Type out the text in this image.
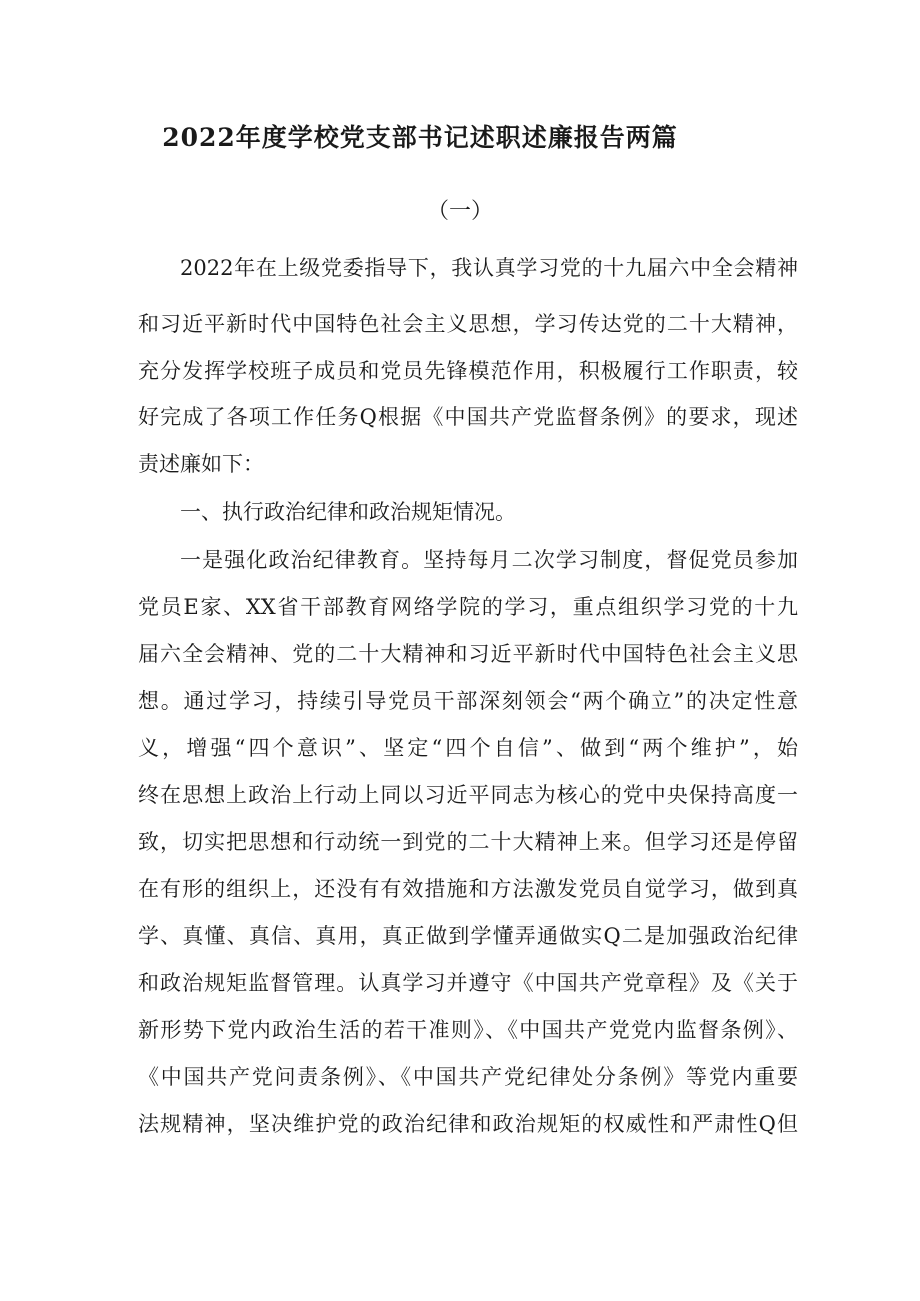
2022年度学校党支部书记述职述廉报告两篇
（一）

2022年在上级党委指导下，我认真学习党的十九届六中全会精神

和习近平新时代中国特色社会主义思想，学习传达党的二十大精神，

充分发挥学校班子成员和党员先锋模范作用，积极履行工作职责，较

好完成了各项工作任务Q根据《中国共产党监督条例》的要求，现述

责述廉如下：

一、执行政治纪律和政治规矩情况。

一是强化政治纪律教育。坚持每月二次学习制度，督促党员参加

党员E家、XX省干部教育网络学院的学习，重点组织学习党的十九

届六全会精神、党的二十大精神和习近平新时代中国特色社会主义思

想。通过学习，持续引导党员干部深刻领会“两个确立”的决定性意

义，增强“四个意识”、坚定“四个自信”、做到“两个维护”，始

终在思想上政治上行动上同以习近平同志为核心的党中央保持高度一

致，切实把思想和行动统一到党的二十大精神上来。但学习还是停留

在有形的组织上，还没有有效措施和方法激发党员自觉学习，做到真

学、真懂、真信、真用，真正做到学懂弄通做实Q二是加强政治纪律

和政治规矩监督管理。认真学习并遵守《中国共产党章程》及《关于

新形势下党内政治生活的若干准则》、《中国共产党党内监督条例》、

《中国共产党问责条例》、《中国共产党纪律处分条例》等党内重要

法规精神，坚决维护党的政治纪律和政治规矩的权威性和严肃性Q但
